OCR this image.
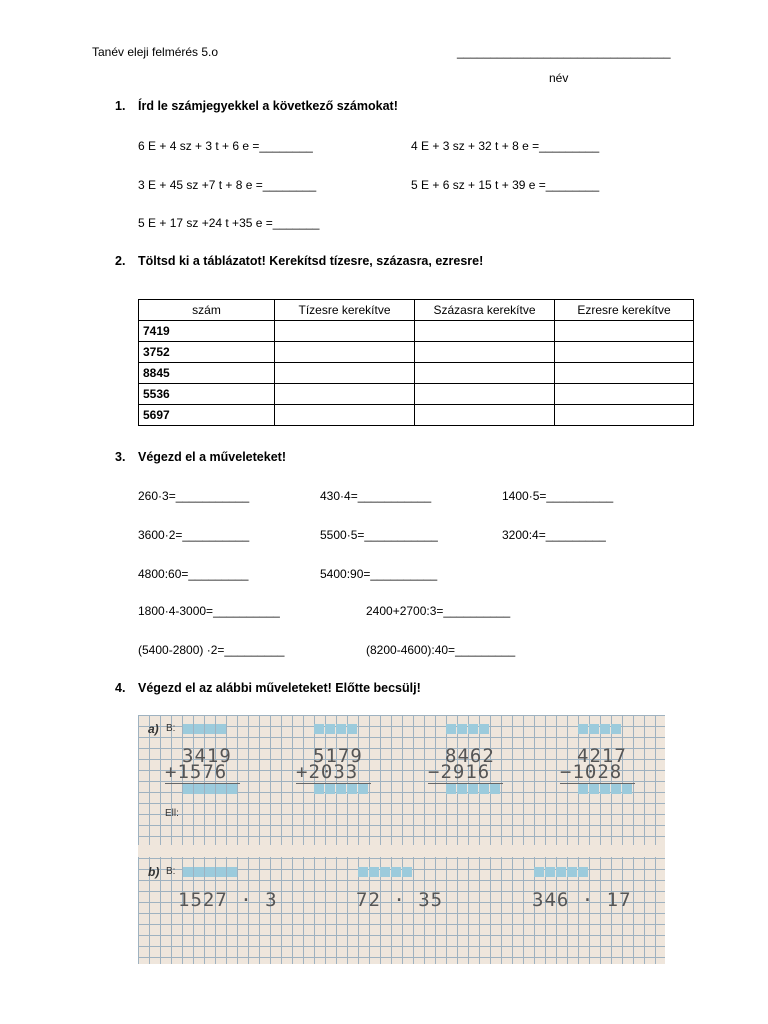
Tanév eleji felmérés 5.o	________________________________
név
1. Írd le számjegyekkel a következő számokat!
6 E + 4 sz + 3 t + 6 e =________	4 E + 3 sz + 32 t + 8 e =_________
3 E + 45 sz +7 t + 8 e =________	5 E + 6 sz + 15 t + 39 e =________
5 E + 17 sz +24 t +35 e =_______
2. Töltsd ki a táblázatot! Kerekítsd tízesre, százasra, ezresre!
szám	Tízesre kerekítve	Százasra kerekítve	Ezresre kerekítve
7419			
3752			
8845			
5536			
5697			
3. Végezd el a műveleteket!
260·3=___________	430·4=___________	1400·5=__________
3600·2=__________	5500·5=___________	3200:4=_________
4800:60=_________	5400:90=__________
1800·4-3000=__________	2400+2700:3=__________
(5400-2800) ·2=_________	(8200-4600):40=_________
4. Végezd el az alábbi műveleteket! Előtte becsülj!
a) B:
3419
+1576
5179
+2033
8462
−2916
4217
−1028
Ell:
b) B:
1527 · 3	72 · 35	346 · 17
